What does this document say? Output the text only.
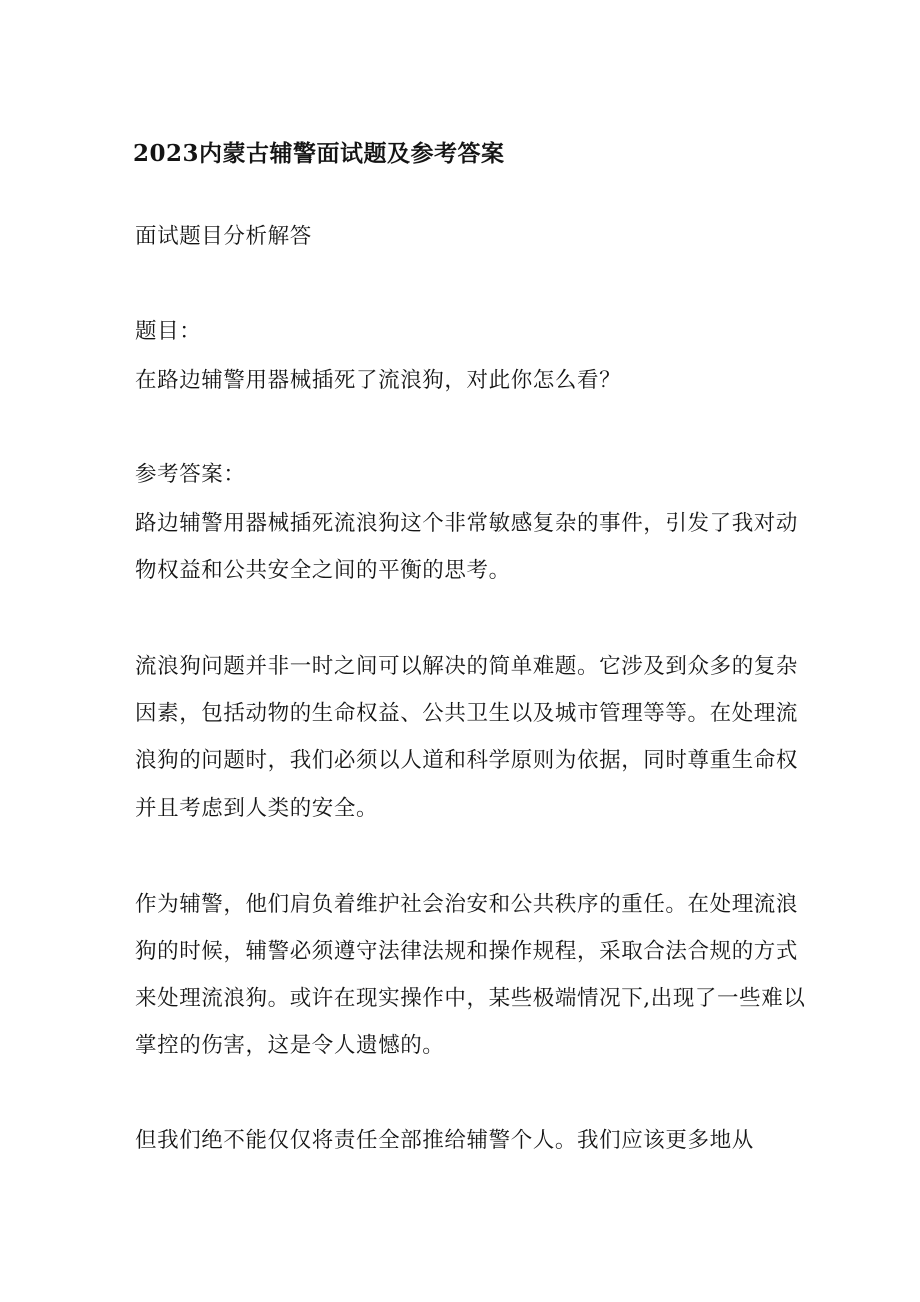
2023内蒙古辅警面试题及参考答案
面试题目分析解答
题目：
在路边辅警用器械插死了流浪狗，对此你怎么看？
参考答案：
路边辅警用器械插死流浪狗这个非常敏感复杂的事件，引发了我对动
物权益和公共安全之间的平衡的思考。
流浪狗问题并非一时之间可以解决的简单难题。它涉及到众多的复杂
因素，包括动物的生命权益、公共卫生以及城市管理等等。在处理流
浪狗的问题时，我们必须以人道和科学原则为依据，同时尊重生命权
并且考虑到人类的安全。
作为辅警，他们肩负着维护社会治安和公共秩序的重任。在处理流浪
狗的时候，辅警必须遵守法律法规和操作规程，采取合法合规的方式
来处理流浪狗。或许在现实操作中，某些极端情况下,出现了一些难以
掌控的伤害，这是令人遗憾的。
但我们绝不能仅仅将责任全部推给辅警个人。我们应该更多地从
